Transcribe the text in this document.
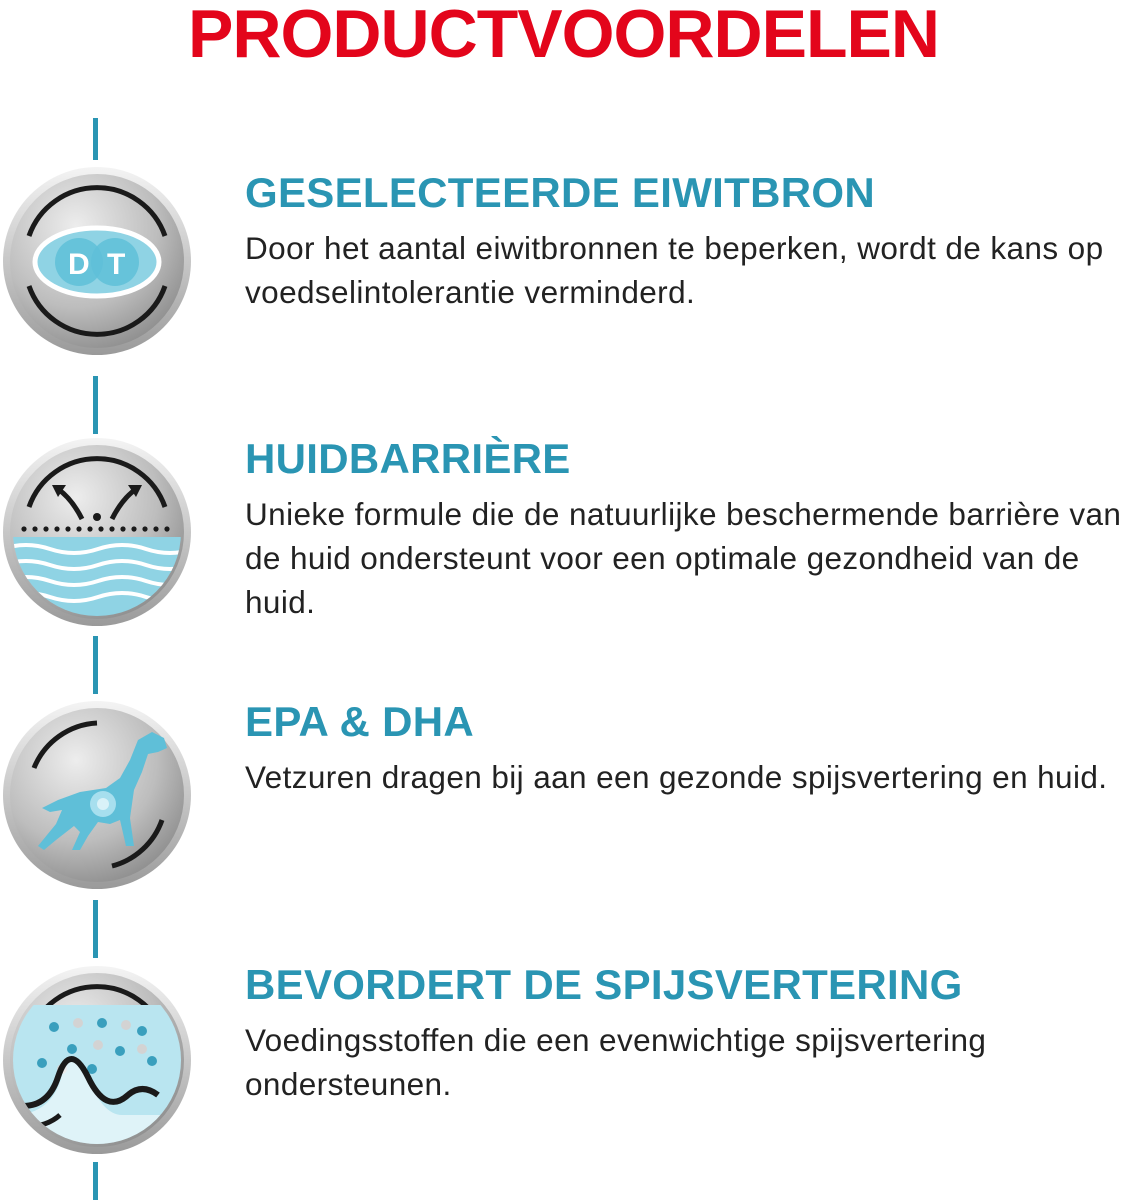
PRODUCTVOORDELEN
D T
GESELECTEERDE EIWITBRON

Door het aantal eiwitbronnen te beperken, wordt de kans op voedselintolerantie verminderd.

HUIDBARRIÈRE

Unieke formule die de natuurlijke beschermende barrière van de huid ondersteunt voor een optimale gezondheid van de huid.

EPA & DHA

Vetzuren dragen bij aan een gezonde spijsvertering en huid.

BEVORDERT DE SPIJSVERTERING

Voedingsstoffen die een evenwichtige spijsvertering ondersteunen.
